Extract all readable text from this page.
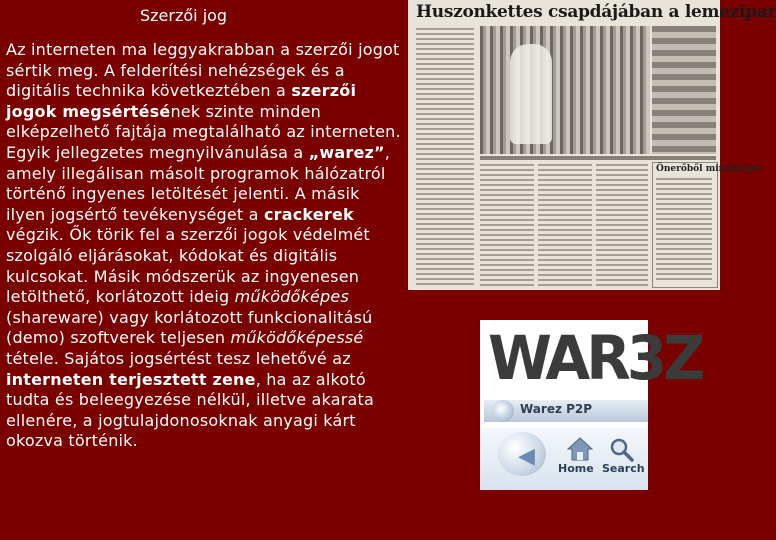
Szerzői jog
Az interneten ma leggyakrabban a szerzői jogot sértik meg. A felderítési nehézségek és a digitális technika következtében a szerzői jogok megsértésének szinte minden elképzelhető fajtája megtalálható az interneten. Egyik jellegzetes megnyilvánulása a „warez”, amely illegálisan másolt programok hálózatról történő ingyenes letöltését jelenti. A másik ilyen jogsértő tevékenységet a crackerek végzik. Ők törik fel a szerzői jogok védelmét szolgáló eljárásokat, kódokat és digitális kulcsokat. Másik módszerük az ingyenesen letölthető, korlátozott ideig működőképes (shareware) vagy korlátozott funkcionalitású (demo) szoftverek teljesen működőképessé tétele. Sajátos jogsértést tesz lehetővé az interneten terjesztett zene, ha az alkotó tudta és beleegyezése nélkül, illetve akarata ellenére, a jogtulajdonosoknak anyagi kárt okozva történik.
Huszonkettes csapdájában a lemezipar
Önerőből mindiséger
WAR3Z
Warez P2P
◀ Home Search
